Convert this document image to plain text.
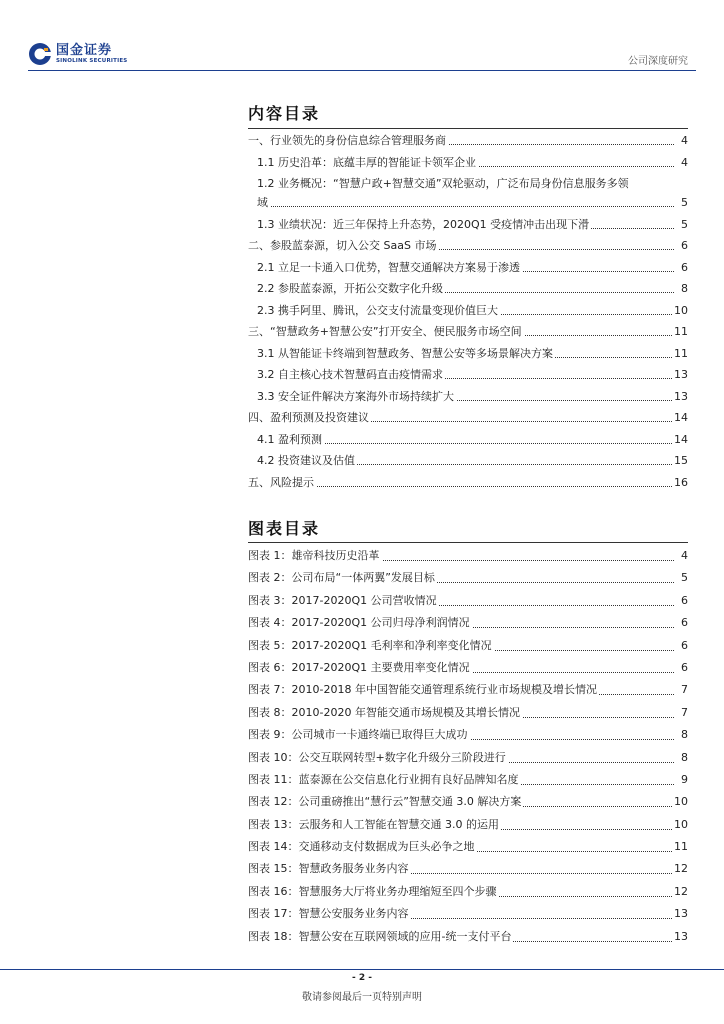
国金证券
SINOLINK SECURITIES	公司深度研究
内容目录
一、行业领先的身份信息综合管理服务商	4
1.1 历史沿革：底蕴丰厚的智能证卡领军企业	4
1.2 业务概况：“智慧户政+智慧交通”双轮驱动，广泛布局身份信息服务多领
域	5
1.3 业绩状况：近三年保持上升态势，2020Q1 受疫情冲击出现下滑	5
二、参股蓝泰源，切入公交 SaaS 市场	6
2.1 立足一卡通入口优势，智慧交通解决方案易于渗透	6
2.2 参股蓝泰源，开拓公交数字化升级	8
2.3 携手阿里、腾讯，公交支付流量变现价值巨大	10
三、“智慧政务+智慧公安”打开安全、便民服务市场空间	11
3.1 从智能证卡终端到智慧政务、智慧公安等多场景解决方案	11
3.2 自主核心技术智慧码直击疫情需求	13
3.3 安全证件解决方案海外市场持续扩大	13
四、盈利预测及投资建议	14
4.1 盈利预测	14
4.2 投资建议及估值	15
五、风险提示	16
图表目录
图表 1：雄帝科技历史沿革	4
图表 2：公司布局“一体两翼”发展目标	5
图表 3：2017-2020Q1 公司营收情况	6
图表 4：2017-2020Q1 公司归母净利润情况	6
图表 5：2017-2020Q1 毛利率和净利率变化情况	6
图表 6：2017-2020Q1 主要费用率变化情况	6
图表 7：2010-2018 年中国智能交通管理系统行业市场规模及增长情况	7
图表 8：2010-2020 年智能交通市场规模及其增长情况	7
图表 9：公司城市一卡通终端已取得巨大成功	8
图表 10：公交互联网转型+数字化升级分三阶段进行	8
图表 11：蓝泰源在公交信息化行业拥有良好品牌知名度	9
图表 12：公司重磅推出“慧行云”智慧交通 3.0 解决方案	10
图表 13：云服务和人工智能在智慧交通 3.0 的运用	10
图表 14：交通移动支付数据成为巨头必争之地	11
图表 15：智慧政务服务业务内容	12
图表 16：智慧服务大厅将业务办理缩短至四个步骤	12
图表 17：智慧公安服务业务内容	13
图表 18：智慧公安在互联网领域的应用-统一支付平台	13
- 2 -
敬请参阅最后一页特别声明
